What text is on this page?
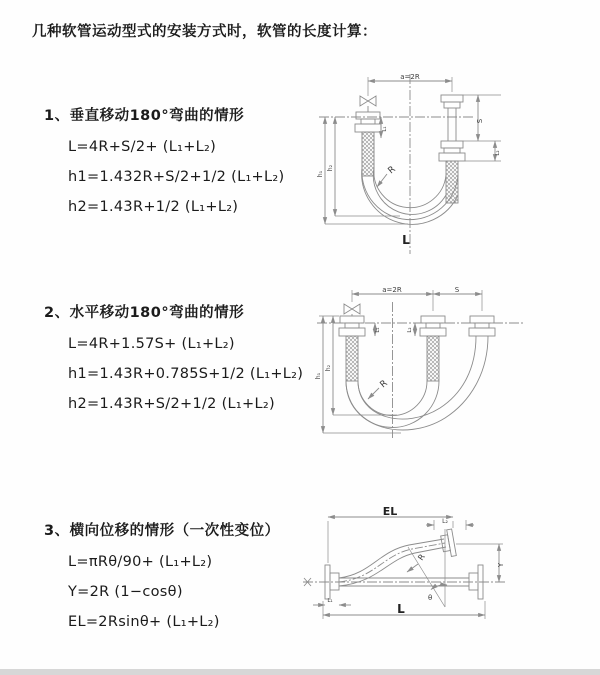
几种软管运动型式的安装方式时，软管的长度计算：
1、垂直移动180°弯曲的情形
L=4R+S/2+ (L₁+L₂)
h1=1.432R+S/2+1/2 (L₁+L₂)
h2=1.43R+1/2 (L₁+L₂)
2、水平移动180°弯曲的情形
L=4R+1.57S+ (L₁+L₂)
h1=1.43R+0.785S+1/2 (L₁+L₂)
h2=1.43R+S/2+1/2 (L₁+L₂)
3、横向位移的情形（一次性变位）
L=πRθ/90+ (L₁+L₂)
Y=2R (1−cosθ)
EL=2Rsinθ+ (L₁+L₂)
a=2R
S
L₂
L₁
h₁
h₂	R
L
a=2R	S
L₁	L₂
h₁
h₂
R
EL
L₂
Y
R
θ
L
L₁
